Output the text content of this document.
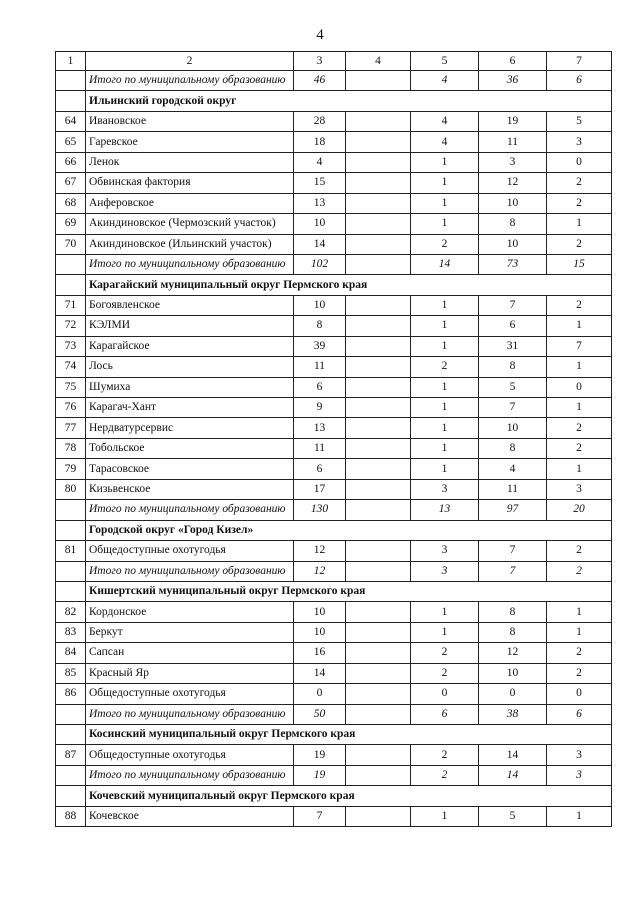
4
1	2	3	4	5	6	7
	Итого по муниципальному образованию	46		4	36	6
	Ильинский городской округ					
64	Ивановское	28		4	19	5
65	Гаревское	18		4	11	3
66	Ленок	4		1	3	0
67	Обвинская фактория	15		1	12	2
68	Анферовское	13		1	10	2
69	Акиндиновское (Чермозский участок)	10		1	8	1
70	Акиндиновское (Ильинский участок)	14		2	10	2
	Итого по муниципальному образованию	102		14	73	15
	Карагайский муниципальный округ Пермского края					
71	Богоявленское	10		1	7	2
72	КЭЛМИ	8		1	6	1
73	Карагайское	39		1	31	7
74	Лось	11		2	8	1
75	Шумиха	6		1	5	0
76	Карагач-Хант	9		1	7	1
77	Нердватурсервис	13		1	10	2
78	Тобольское	11		1	8	2
79	Тарасовское	6		1	4	1
80	Кизьвенское	17		3	11	3
	Итого по муниципальному образованию	130		13	97	20
	Городской округ «Город Кизел»					
81	Общедоступные охотугодья	12		3	7	2
	Итого по муниципальному образованию	12		3	7	2
	Кишертский муниципальный округ Пермского края					
82	Кордонское	10		1	8	1
83	Беркут	10		1	8	1
84	Сапсан	16		2	12	2
85	Красный Яр	14		2	10	2
86	Общедоступные охотугодья	0		0	0	0
	Итого по муниципальному образованию	50		6	38	6
	Косинский муниципальный округ Пермского края					
87	Общедоступные охотугодья	19		2	14	3
	Итого по муниципальному образованию	19		2	14	3
	Кочевский муниципальный округ Пермского края					
88	Кочевское	7		1	5	1
